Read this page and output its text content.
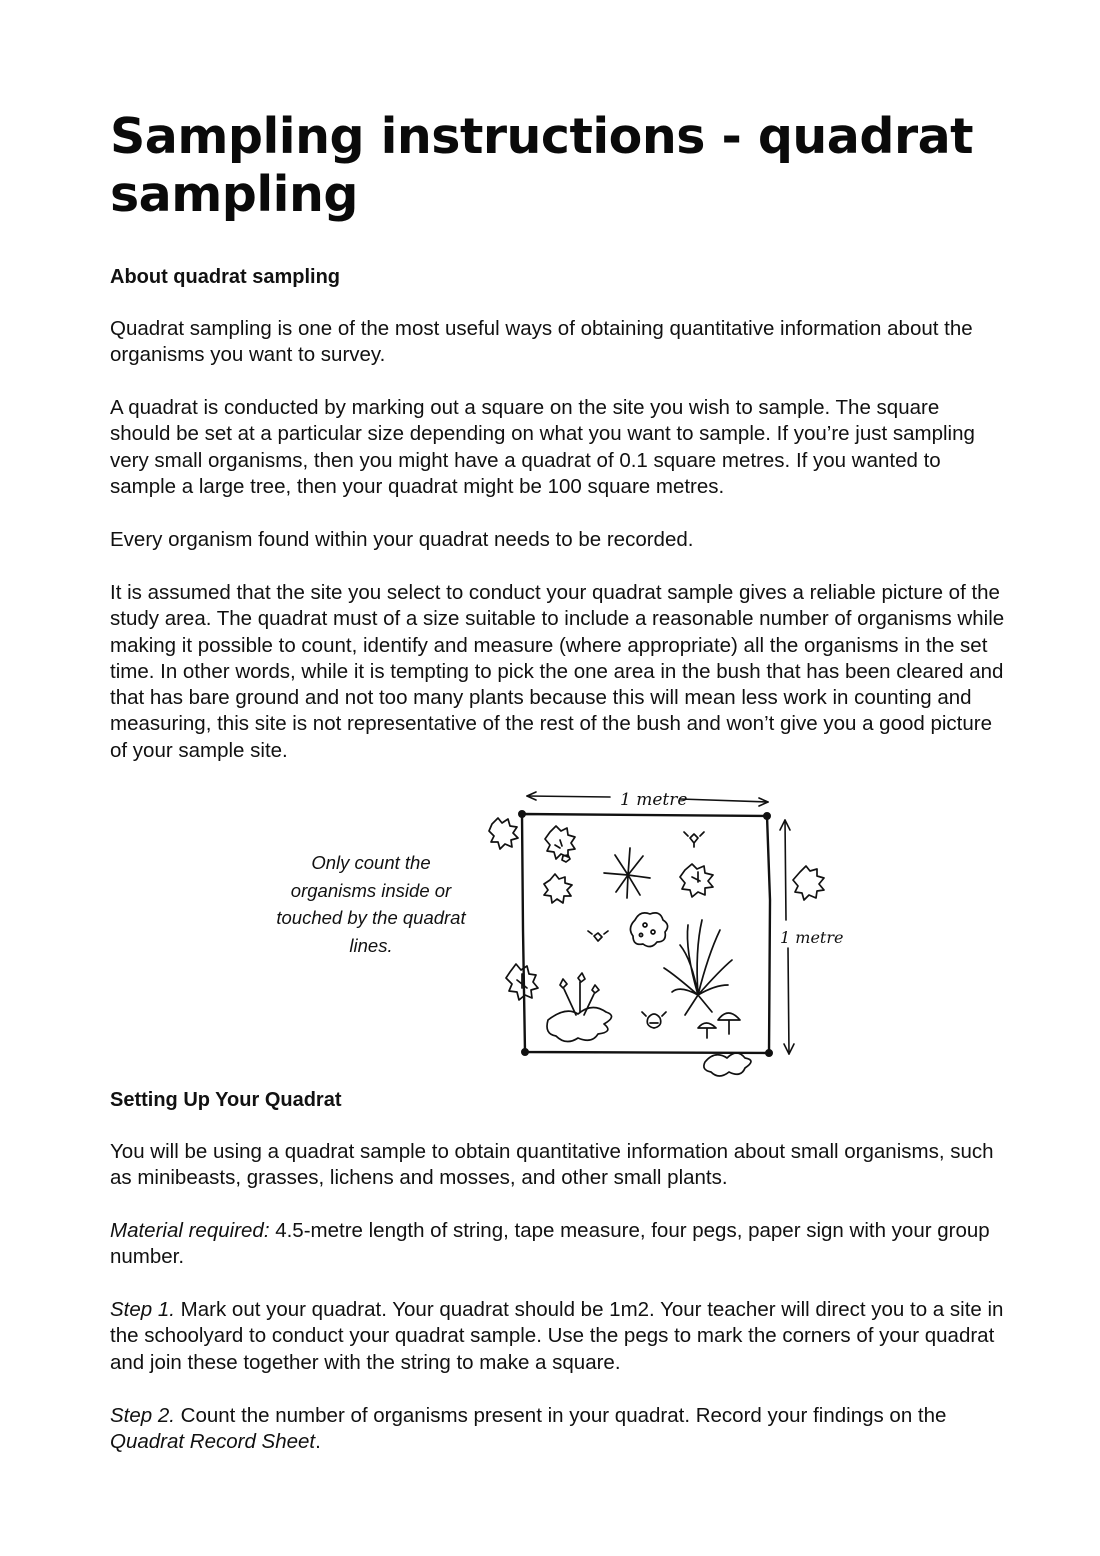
Sampling instructions - quadrat sampling
About quadrat sampling

Quadrat sampling is one of the most useful ways of obtaining quantitative information about the organisms you want to survey.

A quadrat is conducted by marking out a square on the site you wish to sample. The square should be set at a particular size depending on what you want to sample. If you’re just sampling very small organisms, then you might have a quadrat of 0.1 square metres. If you wanted to sample a large tree, then your quadrat might be 100 square metres.

Every organism found within your quadrat needs to be recorded.

It is assumed that the site you select to conduct your quadrat sample gives a reliable picture of the study area. The quadrat must of a size suitable to include a reasonable number of organisms while making it possible to count, identify and measure (where appropriate) all the organisms in the set time. In other words, while it is tempting to pick the one area in the bush that has been cleared and that has bare ground and not too many plants because this will mean less work in counting and measuring, this site is not representative of the rest of the bush and won’t give you a good picture of your sample site.

Only count the organisms inside or touched by the quadrat lines.

1 metre
1 metre
Setting Up Your Quadrat

You will be using a quadrat sample to obtain quantitative information about small organisms, such as minibeasts, grasses, lichens and mosses, and other small plants.

Material required: 4.5-metre length of string, tape measure, four pegs, paper sign with your group number.

Step 1. Mark out your quadrat. Your quadrat should be 1m2. Your teacher will direct you to a site in the schoolyard to conduct your quadrat sample. Use the pegs to mark the corners of your quadrat and join these together with the string to make a square.

Step 2. Count the number of organisms present in your quadrat. Record your findings on the Quadrat Record Sheet.
